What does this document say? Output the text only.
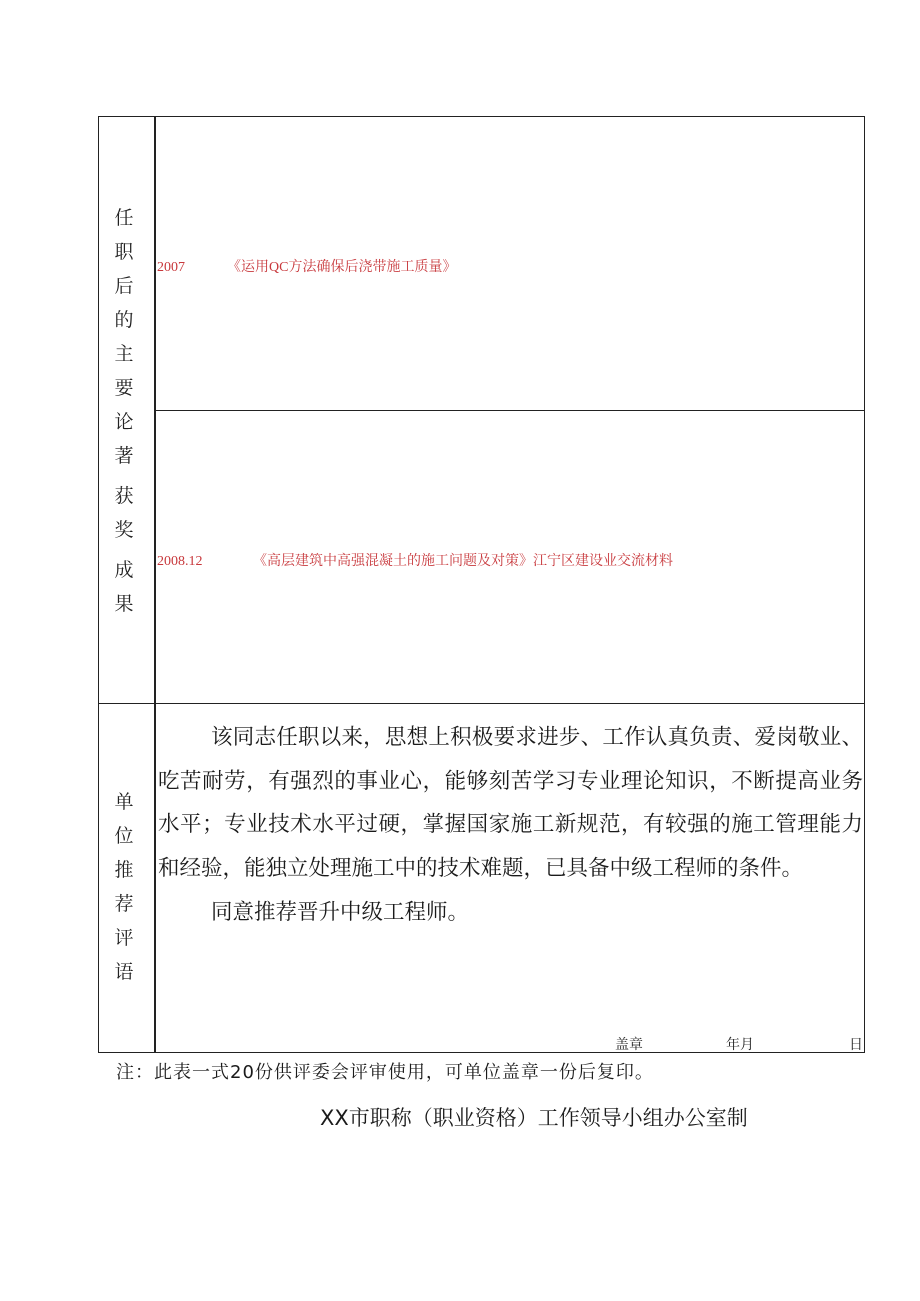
任
职
后
的
主
要
论
著
获
奖
成
果
2007	《运用QC方法确保后浇带施工质量》
2008.12	《高层建筑中高强混凝土的施工问题及对策》江宁区建设业交流材料
单
位
推
荐
评
语

该同志任职以来，思想上积极要求进步、工作认真负责、爱岗敬业、吃苦耐劳，有强烈的事业心，能够刻苦学习专业理论知识，不断提高业务水平；专业技术水平过硬，掌握国家施工新规范，有较强的施工管理能力和经验，能独立处理施工中的技术难题，已具备中级工程师的条件。

同意推荐晋升中级工程师。

盖章	年月	日
注：此表一式20份供评委会评审使用，可单位盖章一份后复印。
XX市职称（职业资格）工作领导小组办公室制
